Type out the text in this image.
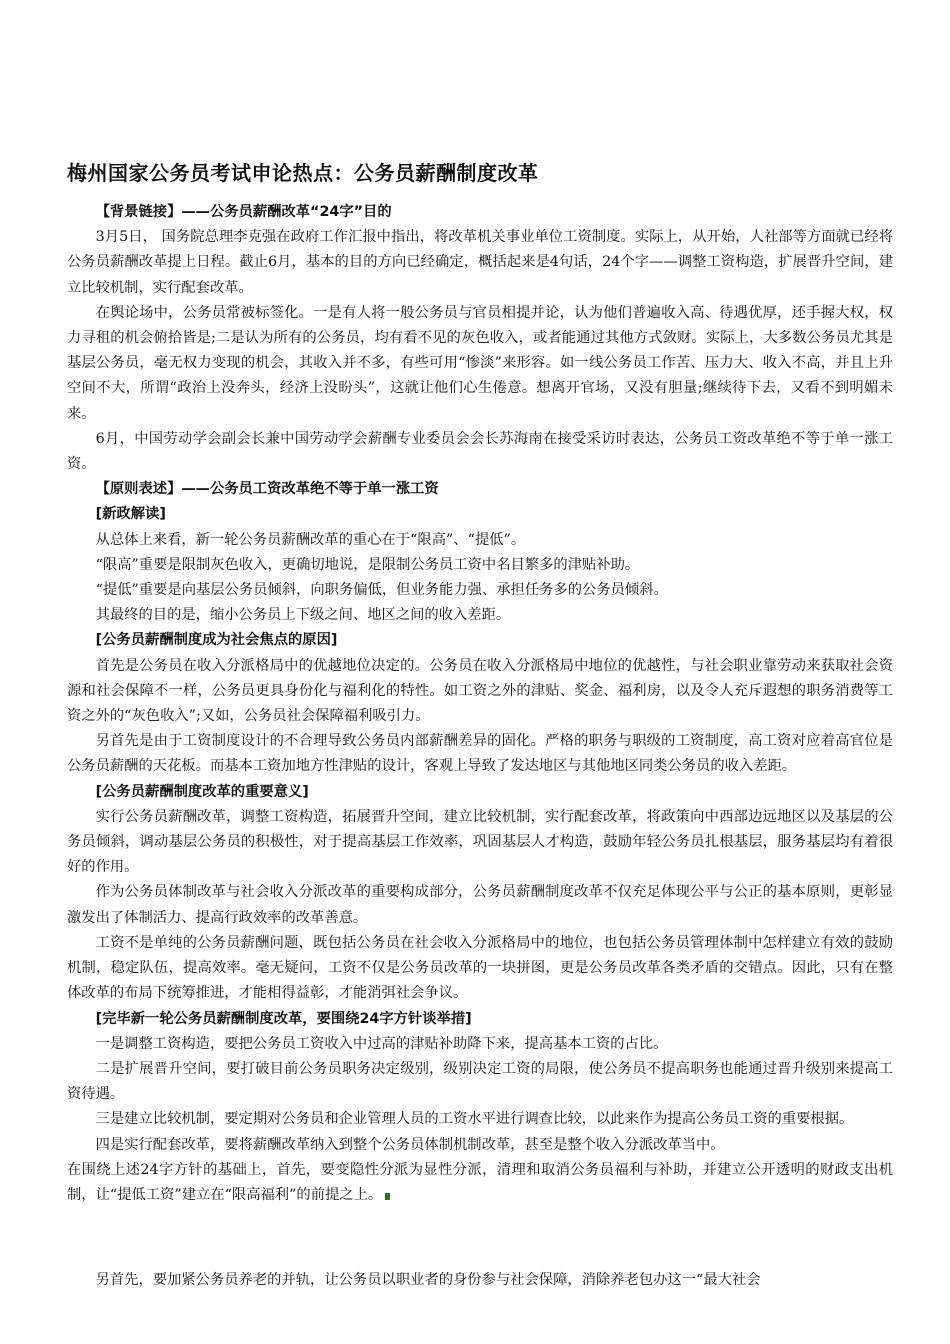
梅州国家公务员考试申论热点：公务员薪酬制度改革

【背景链接】——公务员薪酬改革“24字”目的

3月5日， 国务院总理李克强在政府工作汇报中指出，将改革机关事业单位工资制度。实际上，从开始，人社部等方面就已经将公务员薪酬改革提上日程。截止6月，基本的目的方向已经确定，概括起来是4句话，24个字——调整工资构造，扩展晋升空间，建立比较机制，实行配套改革。

在舆论场中，公务员常被标签化。一是有人将一般公务员与官员相提并论，认为他们普遍收入高、待遇优厚，还手握大权，权力寻租的机会俯拾皆是;二是认为所有的公务员，均有看不见的灰色收入，或者能通过其他方式敛财。实际上，大多数公务员尤其是基层公务员，毫无权力变现的机会，其收入并不多，有些可用“惨淡”来形容。如一线公务员工作苦、压力大、收入不高，并且上升空间不大，所谓“政治上没奔头，经济上没盼头”，这就让他们心生倦意。想离开官场，又没有胆量;继续待下去，又看不到明媚未来。

6月，中国劳动学会副会长兼中国劳动学会薪酬专业委员会会长苏海南在接受采访时表达，公务员工资改革绝不等于单一涨工资。

【原则表述】——公务员工资改革绝不等于单一涨工资

[新政解读]

从总体上来看，新一轮公务员薪酬改革的重心在于“限高”、“提低”。

“限高”重要是限制灰色收入，更确切地说，是限制公务员工资中名目繁多的津贴补助。

“提低”重要是向基层公务员倾斜，向职务偏低，但业务能力强、承担任务多的公务员倾斜。

其最终的目的是，缩小公务员上下级之间、地区之间的收入差距。

[公务员薪酬制度成为社会焦点的原因]

首先是公务员在收入分派格局中的优越地位决定的。公务员在收入分派格局中地位的优越性，与社会职业靠劳动来获取社会资源和社会保障不一样，公务员更具身份化与福利化的特性。如工资之外的津贴、奖金、福利房，以及令人充斥遐想的职务消费等工资之外的“灰色收入”;又如，公务员社会保障福利吸引力。

另首先是由于工资制度设计的不合理导致公务员内部薪酬差异的固化。严格的职务与职级的工资制度，高工资对应着高官位是公务员薪酬的天花板。而基本工资加地方性津贴的设计，客观上导致了发达地区与其他地区同类公务员的收入差距。

[公务员薪酬制度改革的重要意义]

实行公务员薪酬改革，调整工资构造，拓展晋升空间，建立比较机制，实行配套改革，将政策向中西部边远地区以及基层的公务员倾斜，调动基层公务员的积极性，对于提高基层工作效率，巩固基层人才构造，鼓励年轻公务员扎根基层，服务基层均有着很好的作用。

作为公务员体制改革与社会收入分派改革的重要构成部分，公务员薪酬制度改革不仅充足体现公平与公正的基本原则，更彰显激发出了体制活力、提高行政效率的改革善意。

工资不是单纯的公务员薪酬问题，既包括公务员在社会收入分派格局中的地位，也包括公务员管理体制中怎样建立有效的鼓励机制，稳定队伍，提高效率。毫无疑问，工资不仅是公务员改革的一块拼图，更是公务员改革各类矛盾的交错点。因此，只有在整体改革的布局下统筹推进，才能相得益彰，才能消弭社会争议。

[完毕新一轮公务员薪酬制度改革，要围绕24字方针谈举措]

一是调整工资构造，要把公务员工资收入中过高的津贴补助降下来，提高基本工资的占比。

二是扩展晋升空间，要打破目前公务员职务决定级别，级别决定工资的局限，使公务员不提高职务也能通过晋升级别来提高工资待遇。

三是建立比较机制，要定期对公务员和企业管理人员的工资水平进行调查比较，以此来作为提高公务员工资的重要根据。

四是实行配套改革，要将薪酬改革纳入到整个公务员体制机制改革，甚至是整个收入分派改革当中。

在围绕上述24字方针的基础上，首先，要变隐性分派为显性分派，清理和取消公务员福利与补助，并建立公开透明的财政支出机制，让“提低工资”建立在“限高福利”的前提之上。

另首先，要加紧公务员养老的并轨，让公务员以职业者的身份参与社会保障，消除养老包办这一“最大社会
